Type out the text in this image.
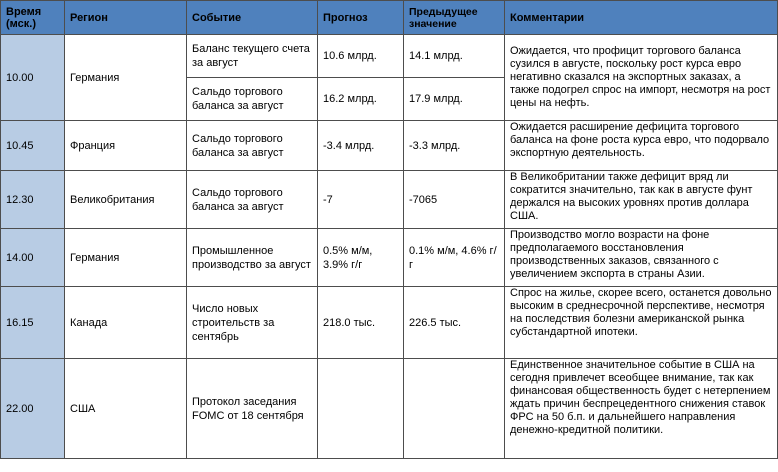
Время (мск.)	Регион	Событие	Прогноз	Предыдущее значение	Комментарии
10.00	Германия	Баланс текущего счета за август	10.6 млрд.	14.1 млрд.	Ожидается, что профицит торгового баланса сузился в августе, поскольку рост курса евро негативно сказался на экспортных заказах, а также подогрел спрос на импорт, несмотря на рост цены на нефть.
		Сальдо торгового баланса за август	16.2 млрд.	17.9 млрд.	
10.45	Франция	Сальдо торгового баланса за август	-3.4 млрд.	-3.3 млрд.	Ожидается расширение дефицита торгового баланса на фоне роста курса евро, что подорвало экспортную деятельность.
12.30	Великобритания	Сальдо торгового баланса за август	-7	-7065	В Великобритании также дефицит вряд ли сократится значительно, так как в августе фунт держался на высоких уровнях против доллара США.
14.00	Германия	Промышленное производство за август	0.5% м/м, 3.9% г/г	0.1% м/м, 4.6% г/г	Производство могло возрасти на фоне предполагаемого восстановления производственных заказов, связанного с увеличением экспорта в страны Азии.
16.15	Канада	Число новых строительств за сентябрь	218.0 тыс.	226.5 тыс.	Спрос на жилье, скорее всего, останется довольно высоким в среднесрочной перспективе, несмотря на последствия болезни американской рынка субстандартной ипотеки.
22.00	США	Протокол заседания FOMC от 18 сентября			Единственное значительное событие в США на сегодня привлечет всеобщее внимание, так как финансовая общественность будет с нетерпением ждать причин беспрецедентного снижения ставок ФРС на 50 б.п. и дальнейшего направления денежно-кредитной политики.
